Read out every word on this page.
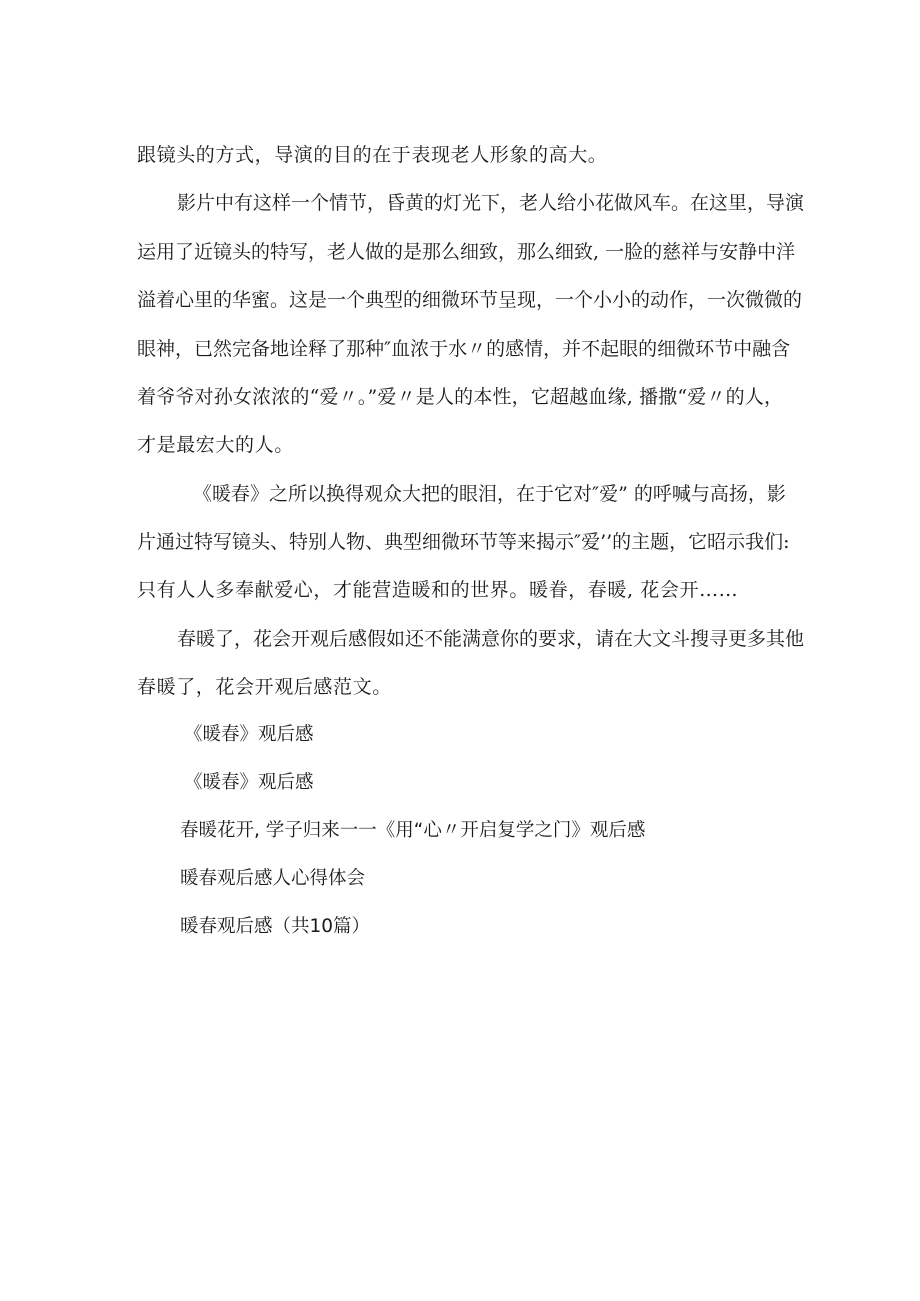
跟镜头的方式，导演的目的在于表现老人形象的高大。
影片中有这样一个情节，昏黄的灯光下，老人给小花做风车。在这里，导演
运用了近镜头的特写，老人做的是那么细致，那么细致, 一脸的慈祥与安静中洋
溢着心里的华蜜。这是一个典型的细微环节呈现，一个小小的动作，一次微微的
眼神，已然完备地诠释了那种″血浓于水〃的感情，并不起眼的细微环节中融含
着爷爷对孙女浓浓的“爱〃。”爱〃是人的本性，它超越血缘, 播撒“爱〃的人，
才是最宏大的人。
《暖春》之所以换得观众大把的眼泪，在于它对″爱” 的呼喊与高扬，影
片通过特写镜头、特别人物、典型细微环节等来揭示″爱’’的主题，它昭示我们:
只有人人多奉献爱心，才能营造暖和的世界。暖眷，春暖, 花会开……
春暖了，花会开观后感假如还不能满意你的要求，请在大文斗搜寻更多其他
春暖了，花会开观后感范文。
《暖春》观后感
《暖春》观后感
春暖花开, 学子归来一一《用“心〃开启复学之门》观后感
暖春观后感人心得体会
暖春观后感（共10篇）
